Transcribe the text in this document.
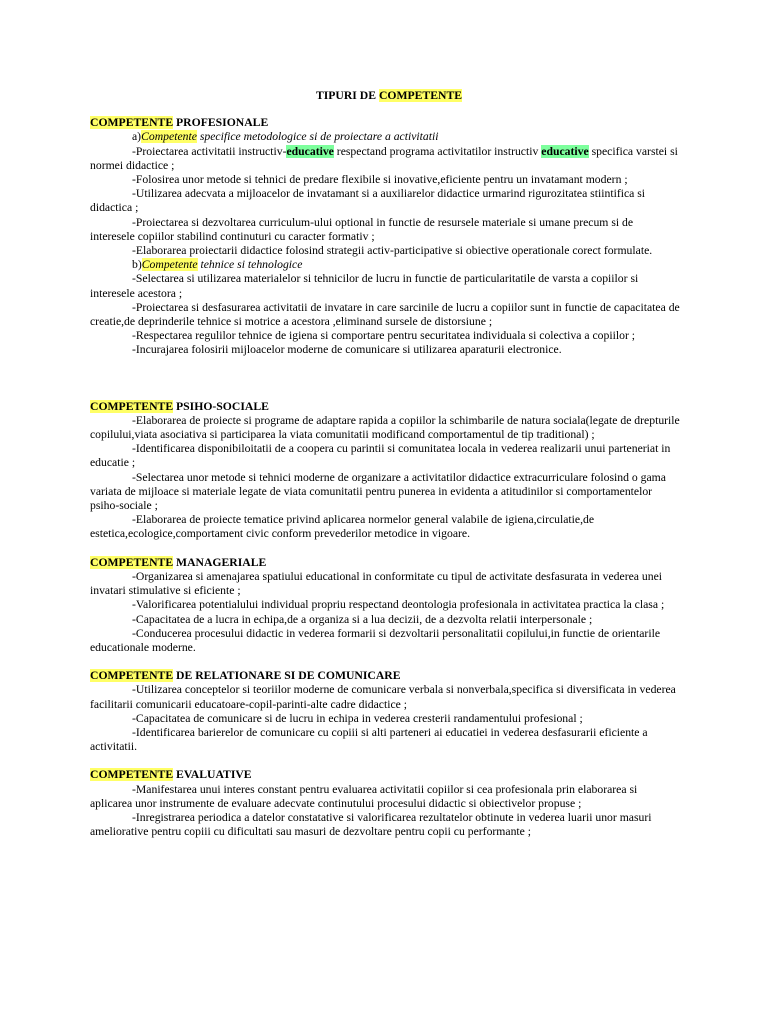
TIPURI DE COMPETENTE
COMPETENTE PROFESIONALE

a)Competente specifice metodologice si de proiectare a activitatii

-Proiectarea activitatii instructiv-educative respectand programa activitatilor instructiv educative specifica varstei si normei didactice ;

-Folosirea unor metode si tehnici de predare flexibile si inovative,eficiente pentru un invatamant modern ;

-Utilizarea adecvata a mijloacelor de invatamant si a auxiliarelor didactice urmarind rigurozitatea stiintifica si didactica ;

-Proiectarea si dezvoltarea curriculum-ului optional in functie de resursele materiale si umane precum si de interesele copiilor stabilind continuturi cu caracter formativ ;

-Elaborarea proiectarii didactice folosind strategii activ-participative si obiective operationale corect formulate.

b)Competente tehnice si tehnologice

-Selectarea si utilizarea materialelor si tehnicilor de lucru in functie de particularitatile de varsta a copiilor si interesele acestora ;

-Proiectarea si desfasurarea activitatii de invatare in care sarcinile de lucru a copiilor sunt in functie de capacitatea de creatie,de deprinderile tehnice si motrice a acestora ,eliminand sursele de distorsiune ;

-Respectarea regulilor tehnice de igiena si comportare pentru securitatea individuala si colectiva a copiilor ;

-Incurajarea folosirii mijloacelor moderne de comunicare si utilizarea aparaturii electronice.

COMPETENTE PSIHO-SOCIALE

-Elaborarea de proiecte si programe de adaptare rapida a copiilor la schimbarile de natura sociala(legate de drepturile copilului,viata asociativa si participarea la viata comunitatii modificand comportamentul de tip traditional) ;

-Identificarea disponibiloitatii de a coopera cu parintii si comunitatea locala in vederea realizarii unui parteneriat in educatie ;

-Selectarea unor metode si tehnici moderne de organizare a activitatilor didactice extracurriculare folosind o gama variata de mijloace si materiale legate de viata comunitatii pentru punerea in evidenta a atitudinilor si comportamentelor psiho-sociale ;

-Elaborarea de proiecte tematice privind aplicarea normelor general valabile de igiena,circulatie,de estetica,ecologice,comportament civic conform prevederilor metodice in vigoare.

COMPETENTE MANAGERIALE

-Organizarea si amenajarea spatiului educational in conformitate cu tipul de activitate desfasurata in vederea unei invatari stimulative si eficiente ;

-Valorificarea potentialului individual propriu respectand deontologia profesionala in activitatea practica la clasa ;

-Capacitatea de a lucra in echipa,de a organiza si a lua decizii, de a dezvolta relatii interpersonale ;

-Conducerea procesului didactic in vederea formarii si dezvoltarii personalitatii copilului,in functie de orientarile educationale moderne.

COMPETENTE DE RELATIONARE SI DE COMUNICARE

-Utilizarea conceptelor si teoriilor moderne de comunicare verbala si nonverbala,specifica si diversificata in vederea facilitarii comunicarii educatoare-copil-parinti-alte cadre didactice ;

-Capacitatea de comunicare si de lucru in echipa in vederea cresterii randamentului profesional ;

-Identificarea barierelor de comunicare cu copiii si alti parteneri ai educatiei in vederea desfasurarii eficiente a activitatii.

COMPETENTE EVALUATIVE

-Manifestarea unui interes constant pentru evaluarea activitatii copiilor si cea profesionala prin elaborarea si aplicarea unor instrumente de evaluare adecvate continutului procesului didactic si obiectivelor propuse ;

-Inregistrarea periodica a datelor constatative si valorificarea rezultatelor obtinute in vederea luarii unor masuri ameliorative pentru copiii cu dificultati sau masuri de dezvoltare pentru copii cu performante ;
